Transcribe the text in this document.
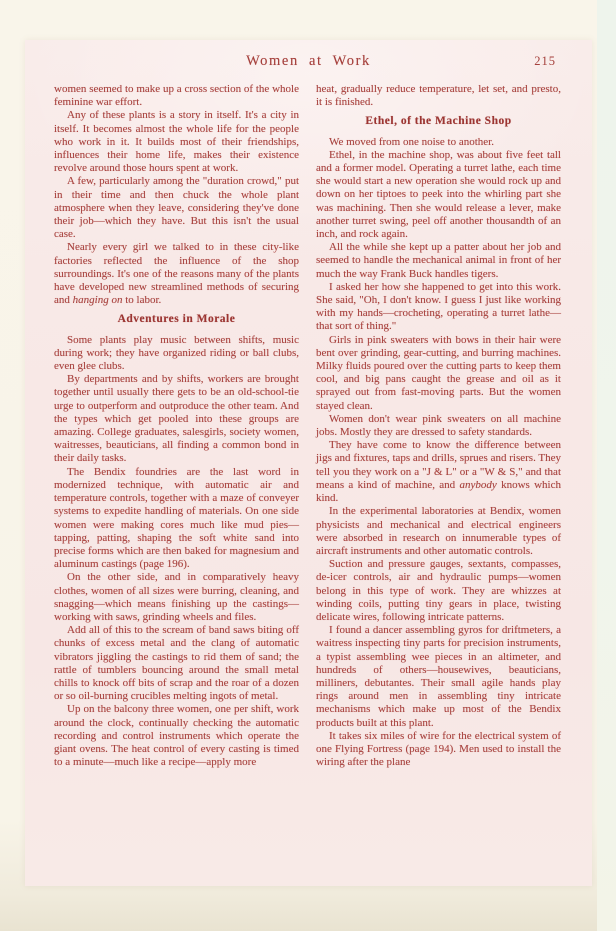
Women at Work	215

women seemed to make up a cross section of the whole feminine war effort.

Any of these plants is a story in itself. It's a city in itself. It becomes almost the whole life for the people who work in it. It builds most of their friendships, influences their home life, makes their existence revolve around those hours spent at work.

A few, particularly among the "duration crowd," put in their time and then chuck the whole plant atmosphere when they leave, considering they've done their job—which they have. But this isn't the usual case.

Nearly every girl we talked to in these city-like factories reflected the influence of the shop surroundings. It's one of the reasons many of the plants have developed new streamlined methods of securing and hanging on to labor.

Adventures in Morale

Some plants play music between shifts, music during work; they have organized riding or ball clubs, even glee clubs.

By departments and by shifts, workers are brought together until usually there gets to be an old-school-tie urge to outperform and outproduce the other team. And the types which get pooled into these groups are amazing. College graduates, salesgirls, society women, waitresses, beauticians, all finding a common bond in their daily tasks.

The Bendix foundries are the last word in modernized technique, with automatic air and temperature controls, together with a maze of conveyer systems to expedite handling of materials. On one side women were making cores much like mud pies—tapping, patting, shaping the soft white sand into precise forms which are then baked for magnesium and aluminum castings (page 196).

On the other side, and in comparatively heavy clothes, women of all sizes were burring, cleaning, and snagging—which means finishing up the castings—working with saws, grinding wheels and files.

Add all of this to the scream of band saws biting off chunks of excess metal and the clang of automatic vibrators jiggling the castings to rid them of sand; the rattle of tumblers bouncing around the small metal chills to knock off bits of scrap and the roar of a dozen or so oil-burning crucibles melting ingots of metal.

Up on the balcony three women, one per shift, work around the clock, continually checking the automatic recording and control instruments which operate the giant ovens. The heat control of every casting is timed to a minute—much like a recipe—apply more

heat, gradually reduce temperature, let set, and presto, it is finished.

Ethel, of the Machine Shop

We moved from one noise to another.

Ethel, in the machine shop, was about five feet tall and a former model. Operating a turret lathe, each time she would start a new operation she would rock up and down on her tiptoes to peek into the whirling part she was machining. Then she would release a lever, make another turret swing, peel off another thousandth of an inch, and rock again.

All the while she kept up a patter about her job and seemed to handle the mechanical animal in front of her much the way Frank Buck handles tigers.

I asked her how she happened to get into this work. She said, "Oh, I don't know. I guess I just like working with my hands—crocheting, operating a turret lathe—that sort of thing."

Girls in pink sweaters with bows in their hair were bent over grinding, gear-cutting, and burring machines. Milky fluids poured over the cutting parts to keep them cool, and big pans caught the grease and oil as it sprayed out from fast-moving parts. But the women stayed clean.

Women don't wear pink sweaters on all machine jobs. Mostly they are dressed to safety standards.

They have come to know the difference between jigs and fixtures, taps and drills, sprues and risers. They tell you they work on a "J & L" or a "W & S," and that means a kind of machine, and anybody knows which kind.

In the experimental laboratories at Bendix, women physicists and mechanical and electrical engineers were absorbed in research on innumerable types of aircraft instruments and other automatic controls.

Suction and pressure gauges, sextants, compasses, de-icer controls, air and hydraulic pumps—women belong in this type of work. They are whizzes at winding coils, putting tiny gears in place, twisting delicate wires, following intricate patterns.

I found a dancer assembling gyros for driftmeters, a waitress inspecting tiny parts for precision instruments, a typist assembling wee pieces in an altimeter, and hundreds of others—housewives, beauticians, milliners, debutantes. Their small agile hands play rings around men in assembling tiny intricate mechanisms which make up most of the Bendix products built at this plant.

It takes six miles of wire for the electrical system of one Flying Fortress (page 194). Men used to install the wiring after the plane
